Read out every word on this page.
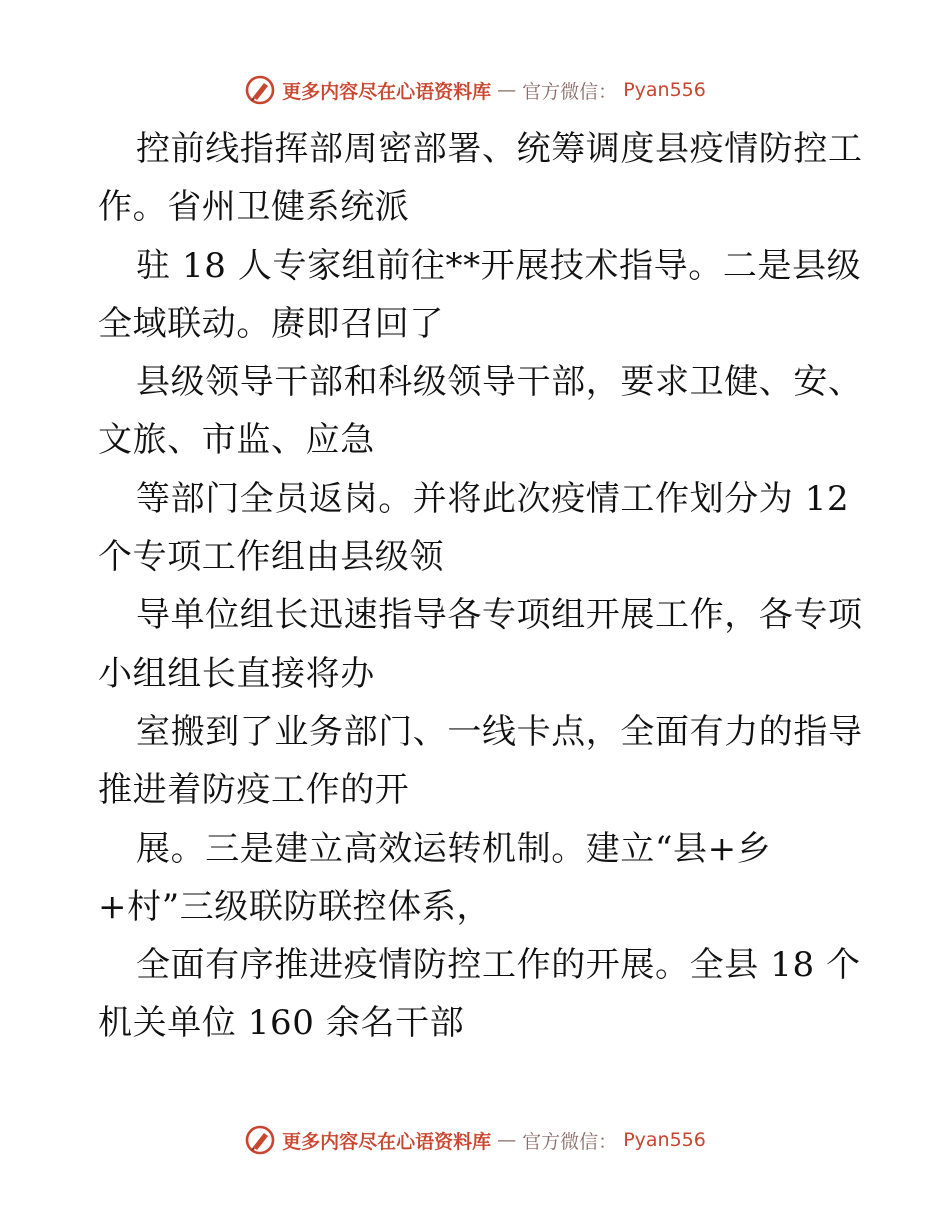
更多内容尽在心语资料库 — 官方微信： Pyan556
控前线指挥部周密部署、统筹调度县疫情防控工
作。省州卫健系统派
驻 18 人专家组前往**开展技术指导。二是县级
全域联动。赓即召回了
县级领导干部和科级领导干部，要求卫健、安、
文旅、市监、应急
等部门全员返岗。并将此次疫情工作划分为 12
个专项工作组由县级领
导单位组长迅速指导各专项组开展工作，各专项
小组组长直接将办
室搬到了业务部门、一线卡点，全面有力的指导
推进着防疫工作的开
展。三是建立高效运转机制。建立“县+乡
+村”三级联防联控体系，
全面有序推进疫情防控工作的开展。全县 18 个
机关单位 160 余名干部
更多内容尽在心语资料库 — 官方微信： Pyan556
